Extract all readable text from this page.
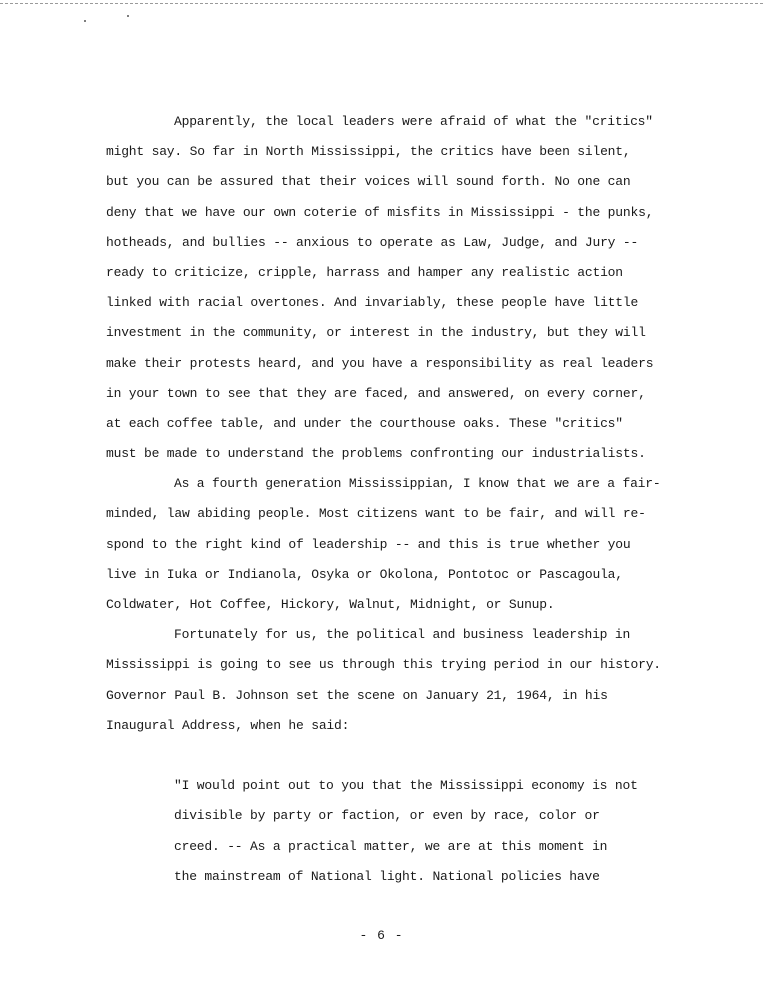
Apparently, the local leaders were afraid of what the "critics"
might say. So far in North Mississippi, the critics have been silent,
but you can be assured that their voices will sound forth. No one can
deny that we have our own coterie of misfits in Mississippi - the punks,
hotheads, and bullies -- anxious to operate as Law, Judge, and Jury --
ready to criticize, cripple, harrass and hamper any realistic action
linked with racial overtones. And invariably, these people have little
investment in the community, or interest in the industry, but they will
make their protests heard, and you have a responsibility as real leaders
in your town to see that they are faced, and answered, on every corner,
at each coffee table, and under the courthouse oaks. These "critics"
must be made to understand the problems confronting our industrialists.
As a fourth generation Mississippian, I know that we are a fair-
minded, law abiding people. Most citizens want to be fair, and will re-
spond to the right kind of leadership -- and this is true whether you
live in Iuka or Indianola, Osyka or Okolona, Pontotoc or Pascagoula,
Coldwater, Hot Coffee, Hickory, Walnut, Midnight, or Sunup.
Fortunately for us, the political and business leadership in
Mississippi is going to see us through this trying period in our history.
Governor Paul B. Johnson set the scene on January 21, 1964, in his
Inaugural Address, when he said:
"I would point out to you that the Mississippi economy is not
divisible by party or faction, or even by race, color or
creed. -- As a practical matter, we are at this moment in
the mainstream of National light. National policies have
- 6 -
